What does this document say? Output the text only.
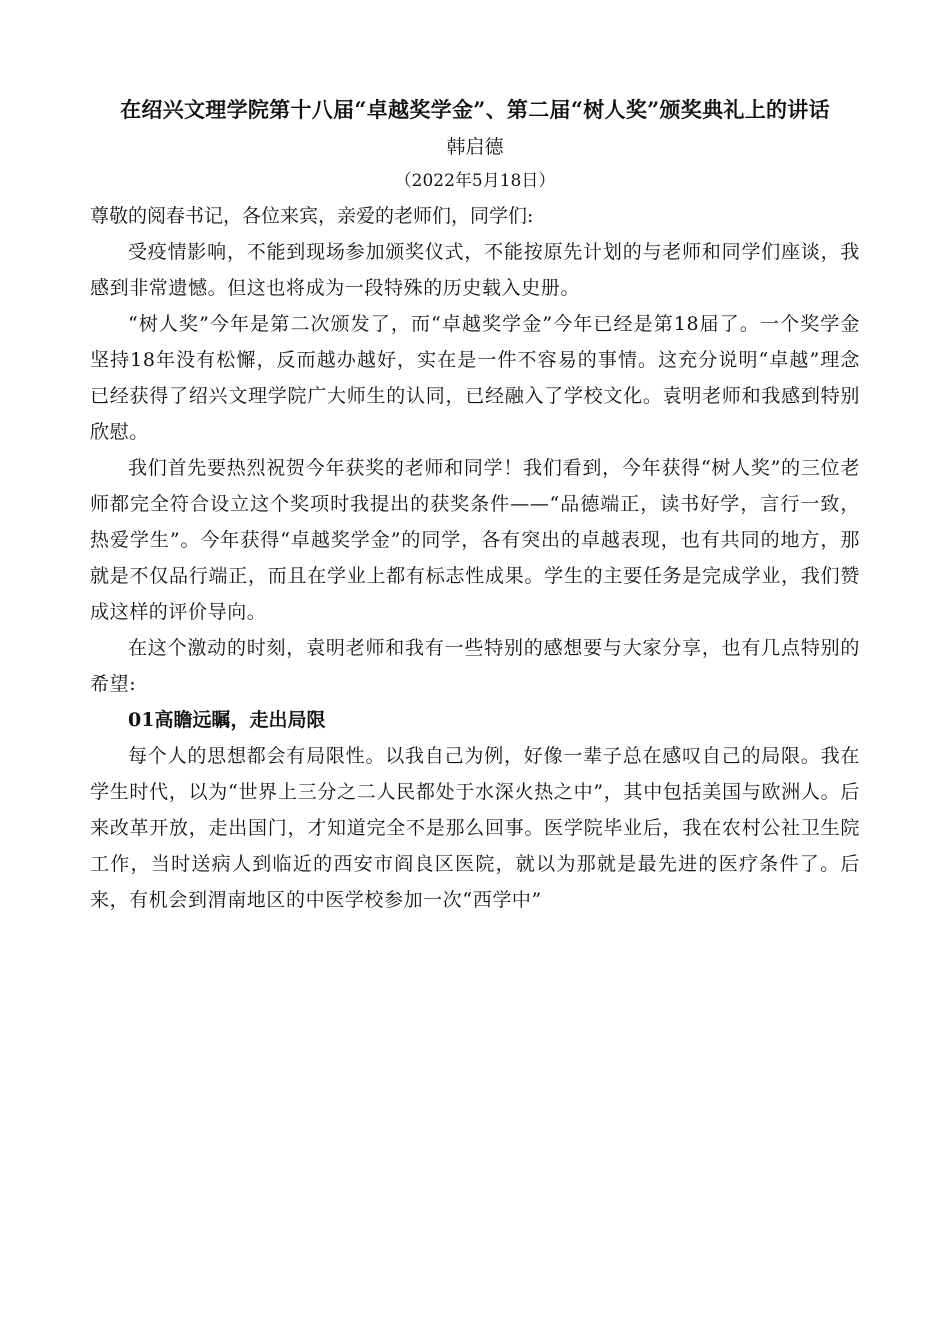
在绍兴文理学院第十八届“卓越奖学金”、第二届“树人奖”颁奖典礼上的讲话

韩启德

（2022年5月18日）

尊敬的阅春书记，各位来宾，亲爱的老师们，同学们:

受疫情影响，不能到现场参加颁奖仪式，不能按原先计划的与老师和同学们座谈，我感到非常遗憾。但这也将成为一段特殊的历史载入史册。

“树人奖”今年是第二次颁发了，而“卓越奖学金”今年已经是第18届了。一个奖学金坚持18年没有松懈，反而越办越好，实在是一件不容易的事情。这充分说明“卓越”理念已经获得了绍兴文理学院广大师生的认同，已经融入了学校文化。袁明老师和我感到特别欣慰。

我们首先要热烈祝贺今年获奖的老师和同学！我们看到，今年获得“树人奖”的三位老师都完全符合设立这个奖项时我提出的获奖条件——“品德端正，读书好学，言行一致，热爱学生”。今年获得“卓越奖学金”的同学，各有突出的卓越表现，也有共同的地方，那就是不仅品行端正，而且在学业上都有标志性成果。学生的主要任务是完成学业，我们赞成这样的评价导向。

在这个激动的时刻，袁明老师和我有一些特别的感想要与大家分享，也有几点特别的希望:

01高瞻远瞩，走出局限

每个人的思想都会有局限性。以我自己为例，好像一辈子总在感叹自己的局限。我在学生时代，以为“世界上三分之二人民都处于水深火热之中”，其中包括美国与欧洲人。后来改革开放，走出国门，才知道完全不是那么回事。医学院毕业后，我在农村公社卫生院工作，当时送病人到临近的西安市阎良区医院，就以为那就是最先进的医疗条件了。后来，有机会到渭南地区的中医学校参加一次“西学中”
